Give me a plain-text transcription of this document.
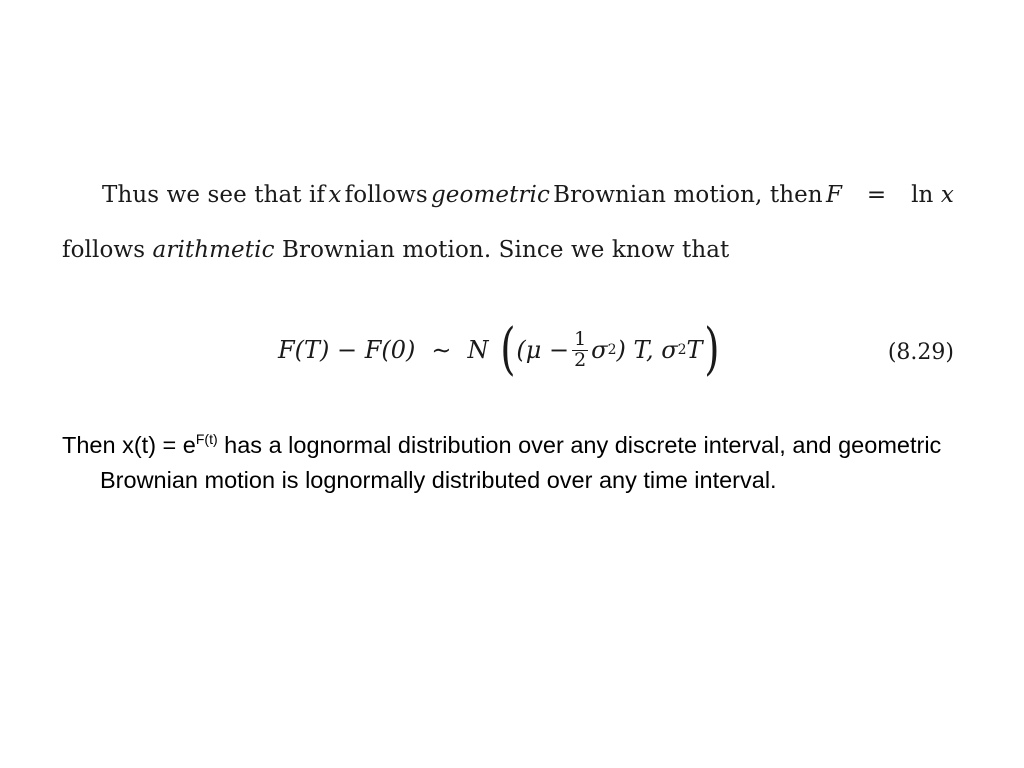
Thus we see that if x follows geometric Brownian motion, then F = ln x
follows arithmetic Brownian motion. Since we know that
F(T) − F(0) ∼ N ( ($\mu - \frac{1}{2}$ σ 2 ) T, σ 2 T )	(8.29)
Then $x(t) = e^{F(t)}$ has a lognormal distribution over any discrete interval, and geometric Brownian motion is lognormally distributed over any time interval.
